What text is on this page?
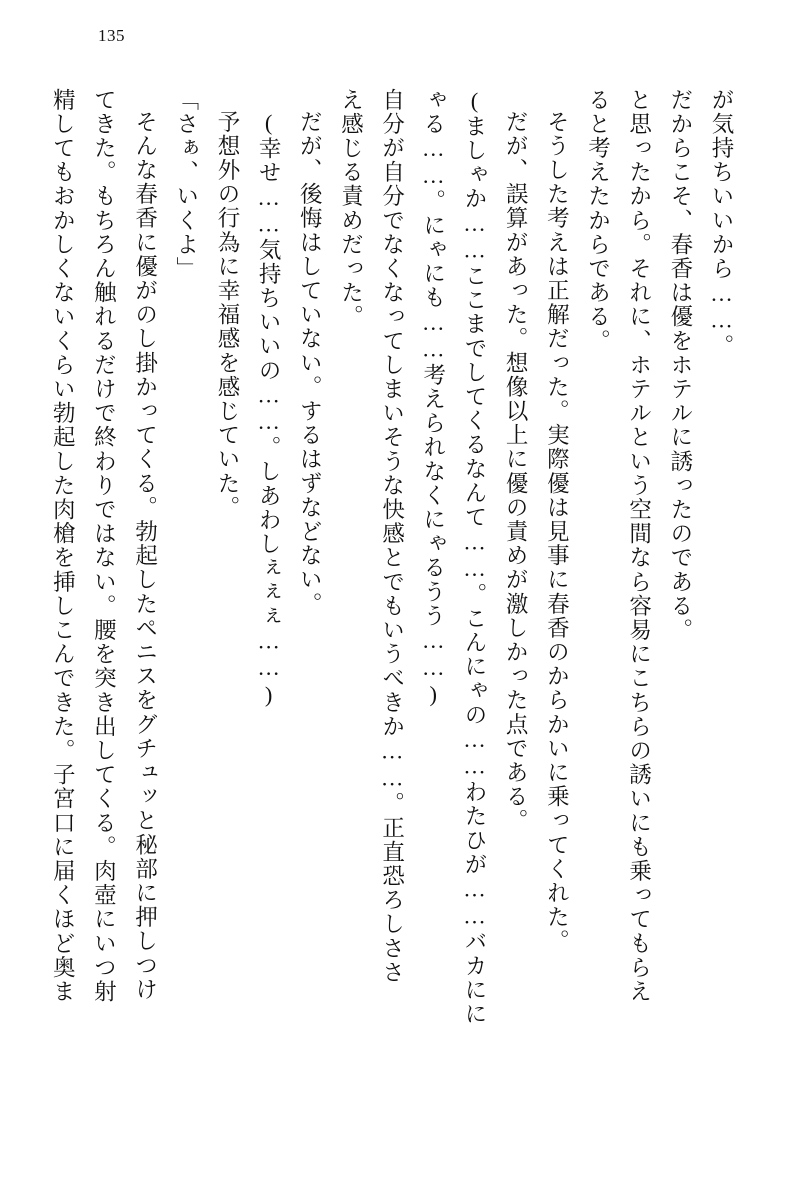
135
が気持ちいいから……。
だからこそ、春香は優をホテルに誘ったのである。
と思ったから。それに、ホテルという空間なら容易にこちらの誘いにも乗ってもらえ
ると考えたからである。
そうした考えは正解だった。実際優は見事に春香のからかいに乗ってくれた。
だが、誤算があった。想像以上に優の責めが激しかった点である。
(ましゃか……ここまでしてくるなんて……。こんにゃの……わたひが……バカにに
ゃる……。にゃにも……考えられなくにゃるうう……)
自分が自分でなくなってしまいそうな快感とでもいうべきか……。正直恐ろしささ
え感じる責めだった。
だが、後悔はしていない。するはずなどない。
(幸せ……気持ちいいの……。しあわしぇぇぇ……)
予想外の行為に幸福感を感じていた。
「さぁ、いくよ」
そんな春香に優がのし掛かってくる。勃起したペニスをグチュッと秘部に押しつけ
てきた。もちろん触れるだけで終わりではない。腰を突き出してくる。肉壺にいつ射
精してもおかしくないくらい勃起した肉槍を挿しこんできた。子宮口に届くほど奥ま
